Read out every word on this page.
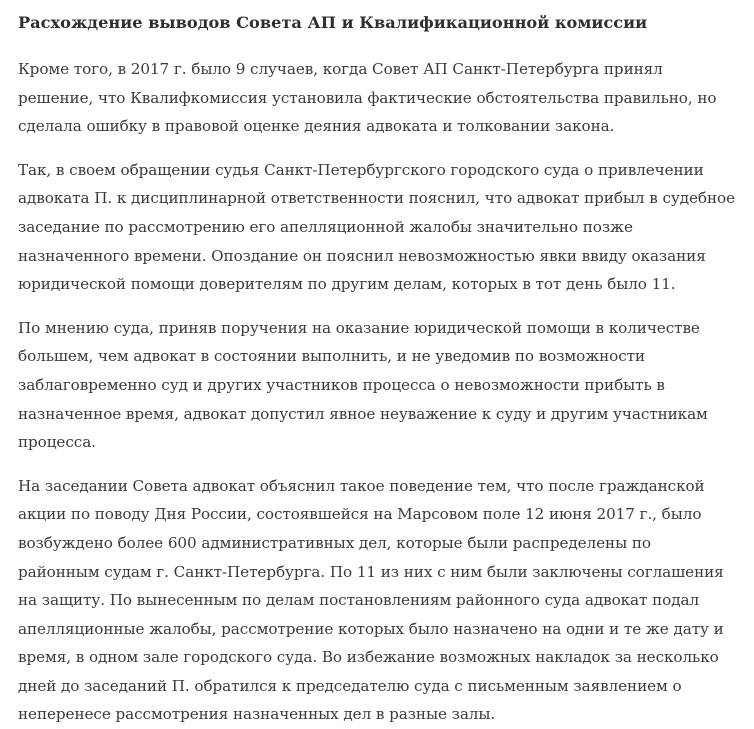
Расхождение выводов Совета АП и Квалификационной комиссии

Кроме того, в 2017 г. было 9 случаев, когда Совет АП Санкт-Петербурга принял решение, что Квалифкомиссия установила фактические обстоятельства правильно, но сделала ошибку в правовой оценке деяния адвоката и толковании закона.

Так, в своем обращении судья Санкт-Петербургского городского суда о привлечении адвоката П. к дисциплинарной ответственности пояснил, что адвокат прибыл в судебное заседание по рассмотрению его апелляционной жалобы значительно позже назначенного времени. Опоздание он пояснил невозможностью явки ввиду оказания юридической помощи доверителям по другим делам, которых в тот день было 11.

По мнению суда, приняв поручения на оказание юридической помощи в количестве большем, чем адвокат в состоянии выполнить, и не уведомив по возможности заблаговременно суд и других участников процесса о невозможности прибыть в назначенное время, адвокат допустил явное неуважение к суду и другим участникам процесса.

На заседании Совета адвокат объяснил такое поведение тем, что после гражданской акции по поводу Дня России, состоявшейся на Марсовом поле 12 июня 2017 г., было возбуждено более 600 административных дел, которые были распределены по районным судам г. Санкт-Петербурга. По 11 из них с ним были заключены соглашения на защиту. По вынесенным по делам постановлениям районного суда адвокат подал апелляционные жалобы, рассмотрение которых было назначено на одни и те же дату и время, в одном зале городского суда. Во избежание возможных накладок за несколько дней до заседаний П. обратился к председателю суда с письменным заявлением о неперенесе рассмотрения назначенных дел в разные залы.
